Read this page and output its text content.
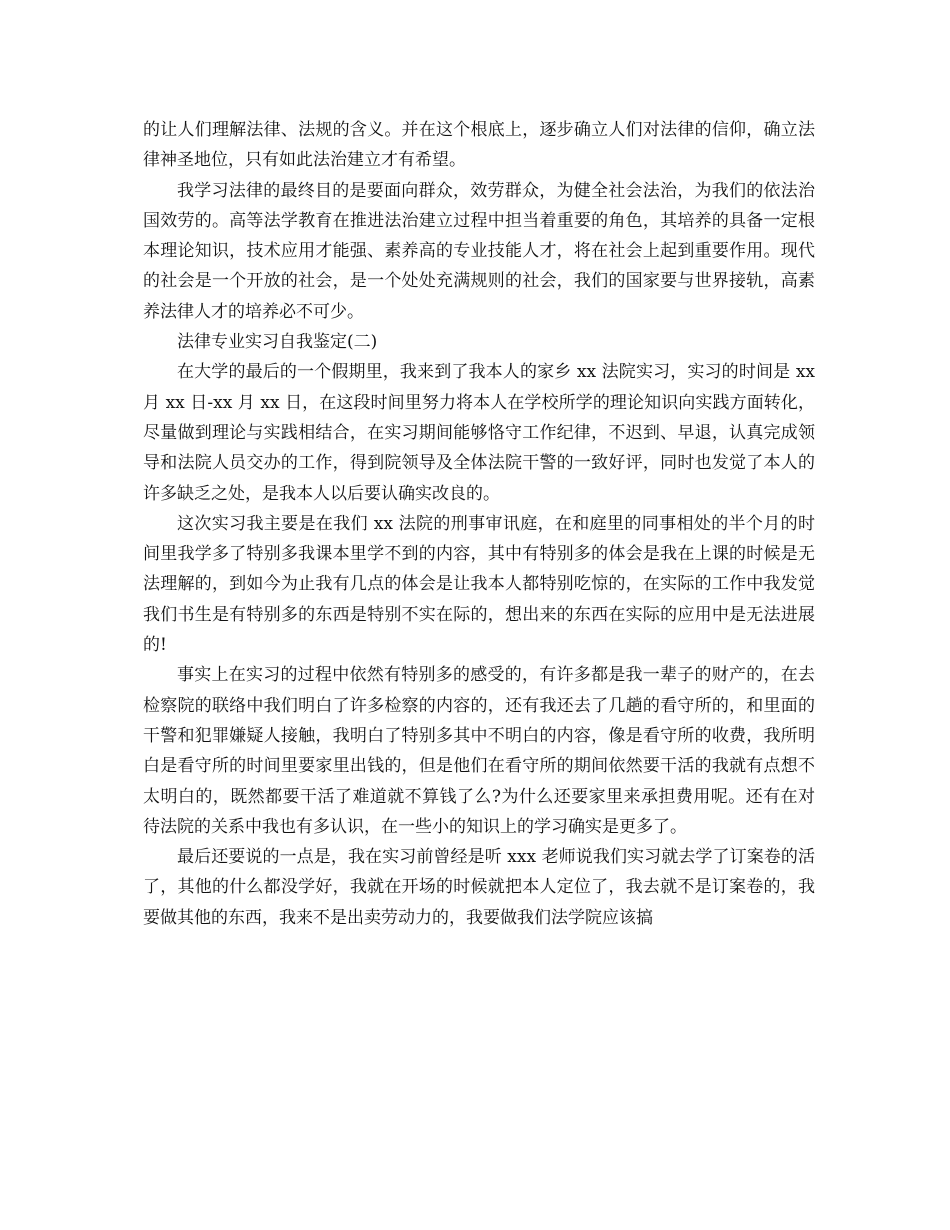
的让人们理解法律、法规的含义。并在这个根底上，逐步确立人们对法律的信仰，确立法律神圣地位，只有如此法治建立才有希望。

我学习法律的最终目的是要面向群众，效劳群众，为健全社会法治，为我们的依法治国效劳的。高等法学教育在推进法治建立过程中担当着重要的角色，其培养的具备一定根本理论知识，技术应用才能强、素养高的专业技能人才，将在社会上起到重要作用。现代的社会是一个开放的社会，是一个处处充满规则的社会，我们的国家要与世界接轨，高素养法律人才的培养必不可少。

法律专业实习自我鉴定(二)

在大学的最后的一个假期里，我来到了我本人的家乡 xx 法院实习，实习的时间是 xx 月 xx 日-xx 月 xx 日，在这段时间里努力将本人在学校所学的理论知识向实践方面转化，尽量做到理论与实践相结合，在实习期间能够恪守工作纪律，不迟到、早退，认真完成领导和法院人员交办的工作，得到院领导及全体法院干警的一致好评，同时也发觉了本人的许多缺乏之处，是我本人以后要认确实改良的。

这次实习我主要是在我们 xx 法院的刑事审讯庭，在和庭里的同事相处的半个月的时间里我学多了特别多我课本里学不到的内容，其中有特别多的体会是我在上课的时候是无法理解的，到如今为止我有几点的体会是让我本人都特别吃惊的，在实际的工作中我发觉我们书生是有特别多的东西是特别不实在际的，想出来的东西在实际的应用中是无法进展的!

事实上在实习的过程中依然有特别多的感受的，有许多都是我一辈子的财产的，在去检察院的联络中我们明白了许多检察的内容的，还有我还去了几趟的看守所的，和里面的干警和犯罪嫌疑人接触，我明白了特别多其中不明白的内容，像是看守所的收费，我所明白是看守所的时间里要家里出钱的，但是他们在看守所的期间依然要干活的我就有点想不太明白的，既然都要干活了难道就不算钱了么?为什么还要家里来承担费用呢。还有在对待法院的关系中我也有多认识，在一些小的知识上的学习确实是更多了。

最后还要说的一点是，我在实习前曾经是听 xxx 老师说我们实习就去学了订案卷的活了，其他的什么都没学好，我就在开场的时候就把本人定位了，我去就不是订案卷的，我要做其他的东西，我来不是出卖劳动力的，我要做我们法学院应该搞
